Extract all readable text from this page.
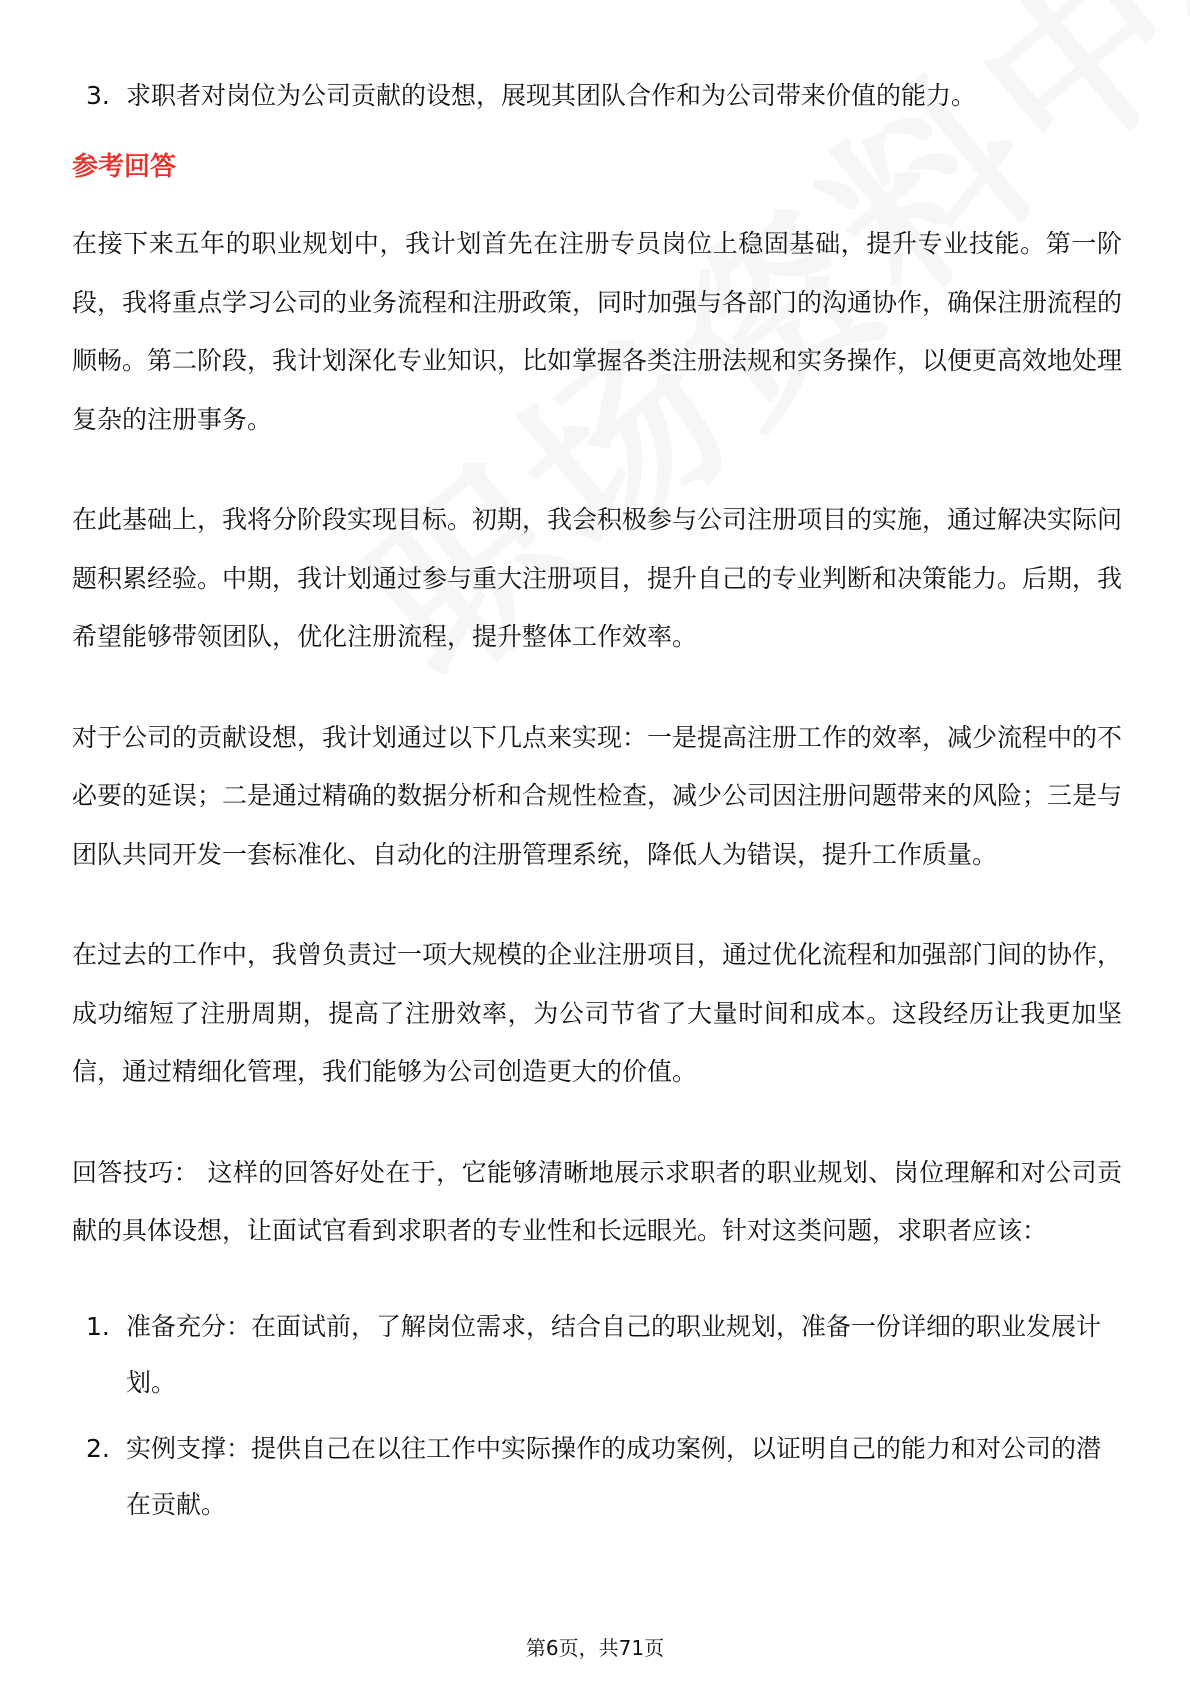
3. 求职者对岗位为公司贡献的设想，展现其团队合作和为公司带来价值的能力。
参考回答

在接下来五年的职业规划中，我计划首先在注册专员岗位上稳固基础，提升专业技能。第一阶段，我将重点学习公司的业务流程和注册政策，同时加强与各部门的沟通协作，确保注册流程的顺畅。第二阶段，我计划深化专业知识，比如掌握各类注册法规和实务操作，以便更高效地处理复杂的注册事务。

在此基础上，我将分阶段实现目标。初期，我会积极参与公司注册项目的实施，通过解决实际问题积累经验。中期，我计划通过参与重大注册项目，提升自己的专业判断和决策能力。后期，我希望能够带领团队，优化注册流程，提升整体工作效率。

对于公司的贡献设想，我计划通过以下几点来实现：一是提高注册工作的效率，减少流程中的不必要的延误；二是通过精确的数据分析和合规性检查，减少公司因注册问题带来的风险；三是与团队共同开发一套标准化、自动化的注册管理系统，降低人为错误，提升工作质量。

在过去的工作中，我曾负责过一项大规模的企业注册项目，通过优化流程和加强部门间的协作，成功缩短了注册周期，提高了注册效率，为公司节省了大量时间和成本。这段经历让我更加坚信，通过精细化管理，我们能够为公司创造更大的价值。

回答技巧： 这样的回答好处在于，它能够清晰地展示求职者的职业规划、岗位理解和对公司贡献的具体设想，让面试官看到求职者的专业性和长远眼光。针对这类问题，求职者应该：

1. 准备充分：在面试前，了解岗位需求，结合自己的职业规划，准备一份详细的职业发展计划。
2. 实例支撑：提供自己在以往工作中实际操作的成功案例，以证明自己的能力和对公司的潜在贡献。
第6页，共71页
